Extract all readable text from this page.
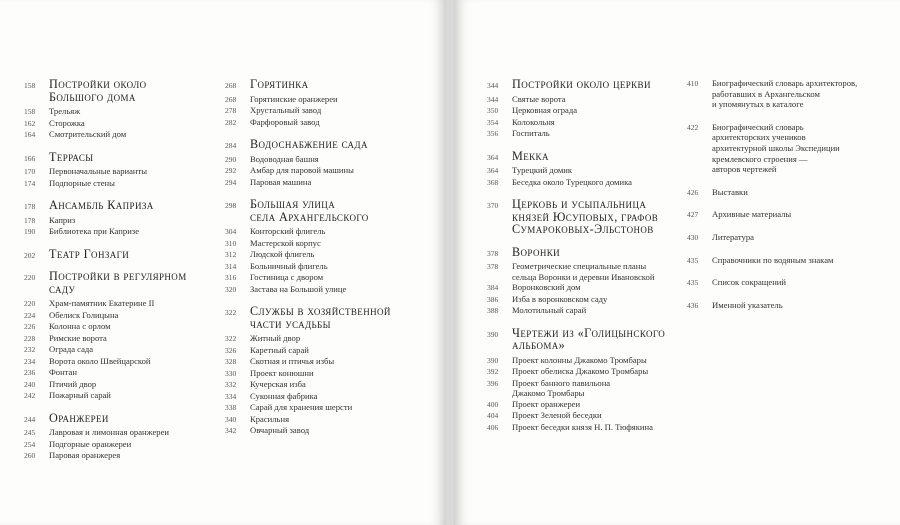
158	Постройки около
Большого дома
158	Трельяж
162	Сторожка
164	Смотрительский дом
166	Террасы
170	Первоначальные варианты
174	Подпорные стены
178	Ансамбль Каприза
178	Каприз
190	Библиотека при Капризе
202	Театр Гонзаги
220	Постройки в регулярном
саду
220	Храм-памятник Екатерине II
224	Обелиск Голицына
226	Колонна с орлом
228	Римские ворота
232	Ограда сада
234	Ворота около Швейцарской
236	Фонтан
240	Птичий двор
242	Пожарный сарай
244	Оранжереи
245	Лавровая и лимонная оранжереи
254	Подгорные оранжереи
260	Паровая оранжерея
268	Горятинка
268	Горятинские оранжереи
278	Хрустальный завод
282	Фарфоровый завод
284	Водоснабжение сада
290	Водоводная башня
292	Амбар для паровой машины
294	Паровая машина
298	Большая улица
села Архангельского
304	Конторский флигель
310	Мастерской корпус
312	Людской флигель
314	Больничный флигель
316	Гостиница с двором
320	Застава на Большой улице
322	Службы в хозяйственной
части усадьбы
322	Житный двор
326	Каретный сарай
328	Скотная и птичья избы
330	Проект конюшни
332	Кучерская изба
334	Суконная фабрика
338	Сарай для хранения шерсти
340	Красильня
342	Овчарный завод
344	Постройки около церкви
344	Святые ворота
350	Церковная ограда
354	Колокольня
356	Госпиталь
364	Мекка
364	Турецкий домик
368	Беседка около Турецкого домика
370	Церковь и усыпальница
князей Юсуповых, графов
Сумароковых-Эльстонов
378	Воронки
378	Геометрические специальные планы
сельца Воронки и деревни Ивановской
384	Воронковский дом
386	Изба в воронковском саду
388	Молотильный сарай
390	Чертежи из «Голицынского
альбома»
390	Проект колонны Джакомо Тромбары
392	Проект обелиска Джакомо Тромбары
396	Проект банного павильона
Джакомо Тромбары
400	Проект оранжереи
404	Проект Зеленой беседки
406	Проект беседки князя Н. П. Тюфякина
410	Биографический словарь архитекторов,
работавших в Архангельском
и упомянутых в каталоге
422	Биографический словарь
архитекторских учеников
архитектурной школы Экспедиции
кремлевского строения —
авторов чертежей
426	Выставки
427	Архивные материалы
430	Литература
435	Справочники по водяным знакам
435	Список сокращений
436	Именной указатель
